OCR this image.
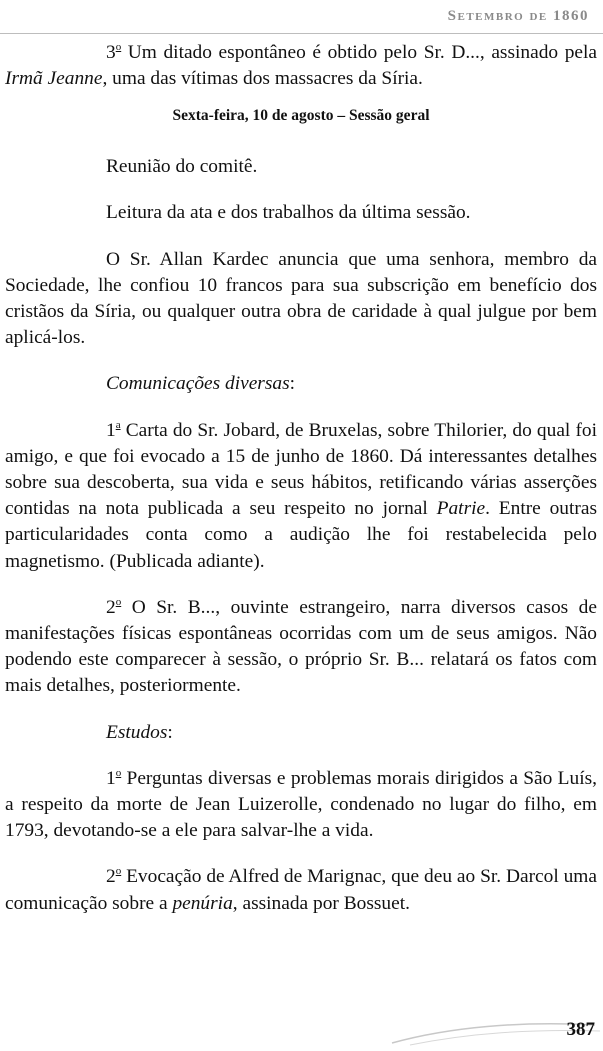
Setembro de 1860

3$^o$ Um ditado espontâneo é obtido pelo Sr. D..., assinado pela Irmã Jeanne, uma das vítimas dos massacres da Síria.

Sexta-feira, 10 de agosto – Sessão geral

Reunião do comitê.

Leitura da ata e dos trabalhos da última sessão.

O Sr. Allan Kardec anuncia que uma senhora, membro da Sociedade, lhe confiou 10 francos para sua subscrição em benefício dos cristãos da Síria, ou qualquer outra obra de caridade à qual julgue por bem aplicá-los.

Comunicações diversas:

1$^a$ Carta do Sr. Jobard, de Bruxelas, sobre Thilorier, do qual foi amigo, e que foi evocado a 15 de junho de 1860. Dá interessantes detalhes sobre sua descoberta, sua vida e seus hábitos, retificando várias asserções contidas na nota publicada a seu respeito no jornal Patrie. Entre outras particularidades conta como a audição lhe foi restabelecida pelo magnetismo. (Publicada adiante).

2$^o$ O Sr. B..., ouvinte estrangeiro, narra diversos casos de manifestações físicas espontâneas ocorridas com um de seus amigos. Não podendo este comparecer à sessão, o próprio Sr. B... relatará os fatos com mais detalhes, posteriormente.

Estudos:

1$^o$ Perguntas diversas e problemas morais dirigidos a São Luís, a respeito da morte de Jean Luizerolle, condenado no lugar do filho, em 1793, devotando-se a ele para salvar-lhe a vida.

2$^o$ Evocação de Alfred de Marignac, que deu ao Sr. Darcol uma comunicação sobre a penúria, assinada por Bossuet.

387
